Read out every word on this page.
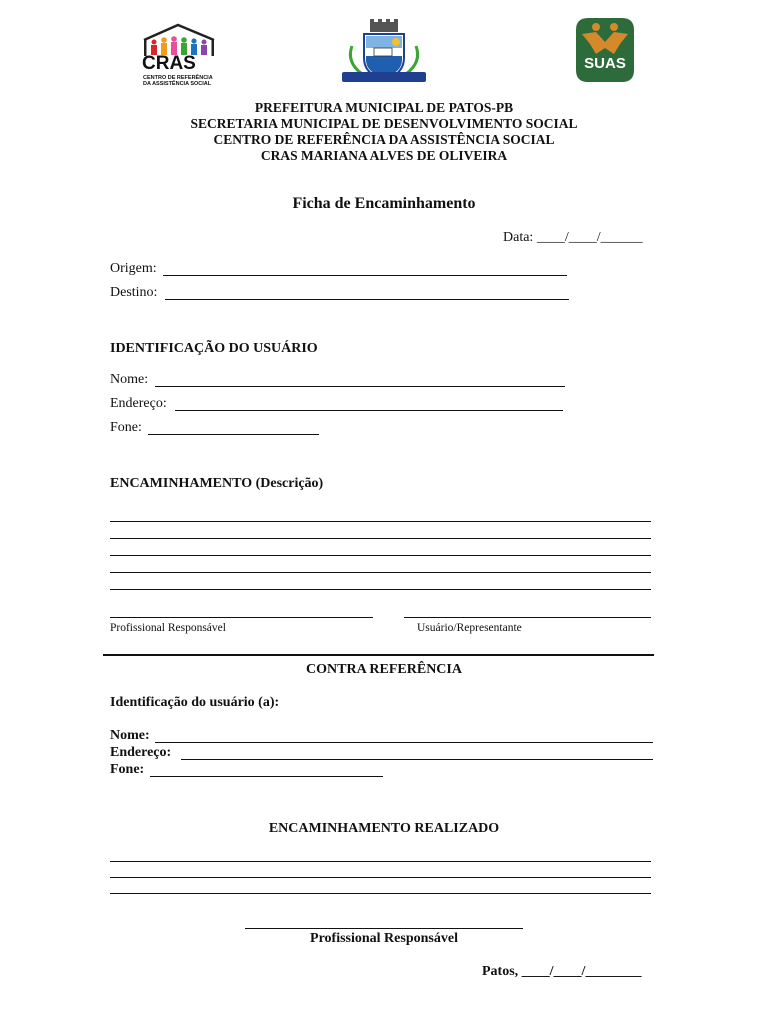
CRAS
CENTRO DE REFERÊNCIA
DA ASSISTÊNCIA SOCIAL
SUAS
PREFEITURA MUNICIPAL DE PATOS-PB
SECRETARIA MUNICIPAL DE DESENVOLVIMENTO SOCIAL
CENTRO DE REFERÊNCIA DA ASSISTÊNCIA SOCIAL
CRAS MARIANA ALVES DE OLIVEIRA
Ficha de Encaminhamento
Data: ____/____/______
Origem:
Destino:
IDENTIFICAÇÃO DO USUÁRIO
Nome:
Endereço:
Fone:
ENCAMINHAMENTO (Descrição)
Profissional Responsável	Usuário/Representante
CONTRA REFERÊNCIA
Identificação do usuário (a):
Nome:
Endereço:
Fone:
ENCAMINHAMENTO REALIZADO
Profissional Responsável
Patos, ____/____/________
